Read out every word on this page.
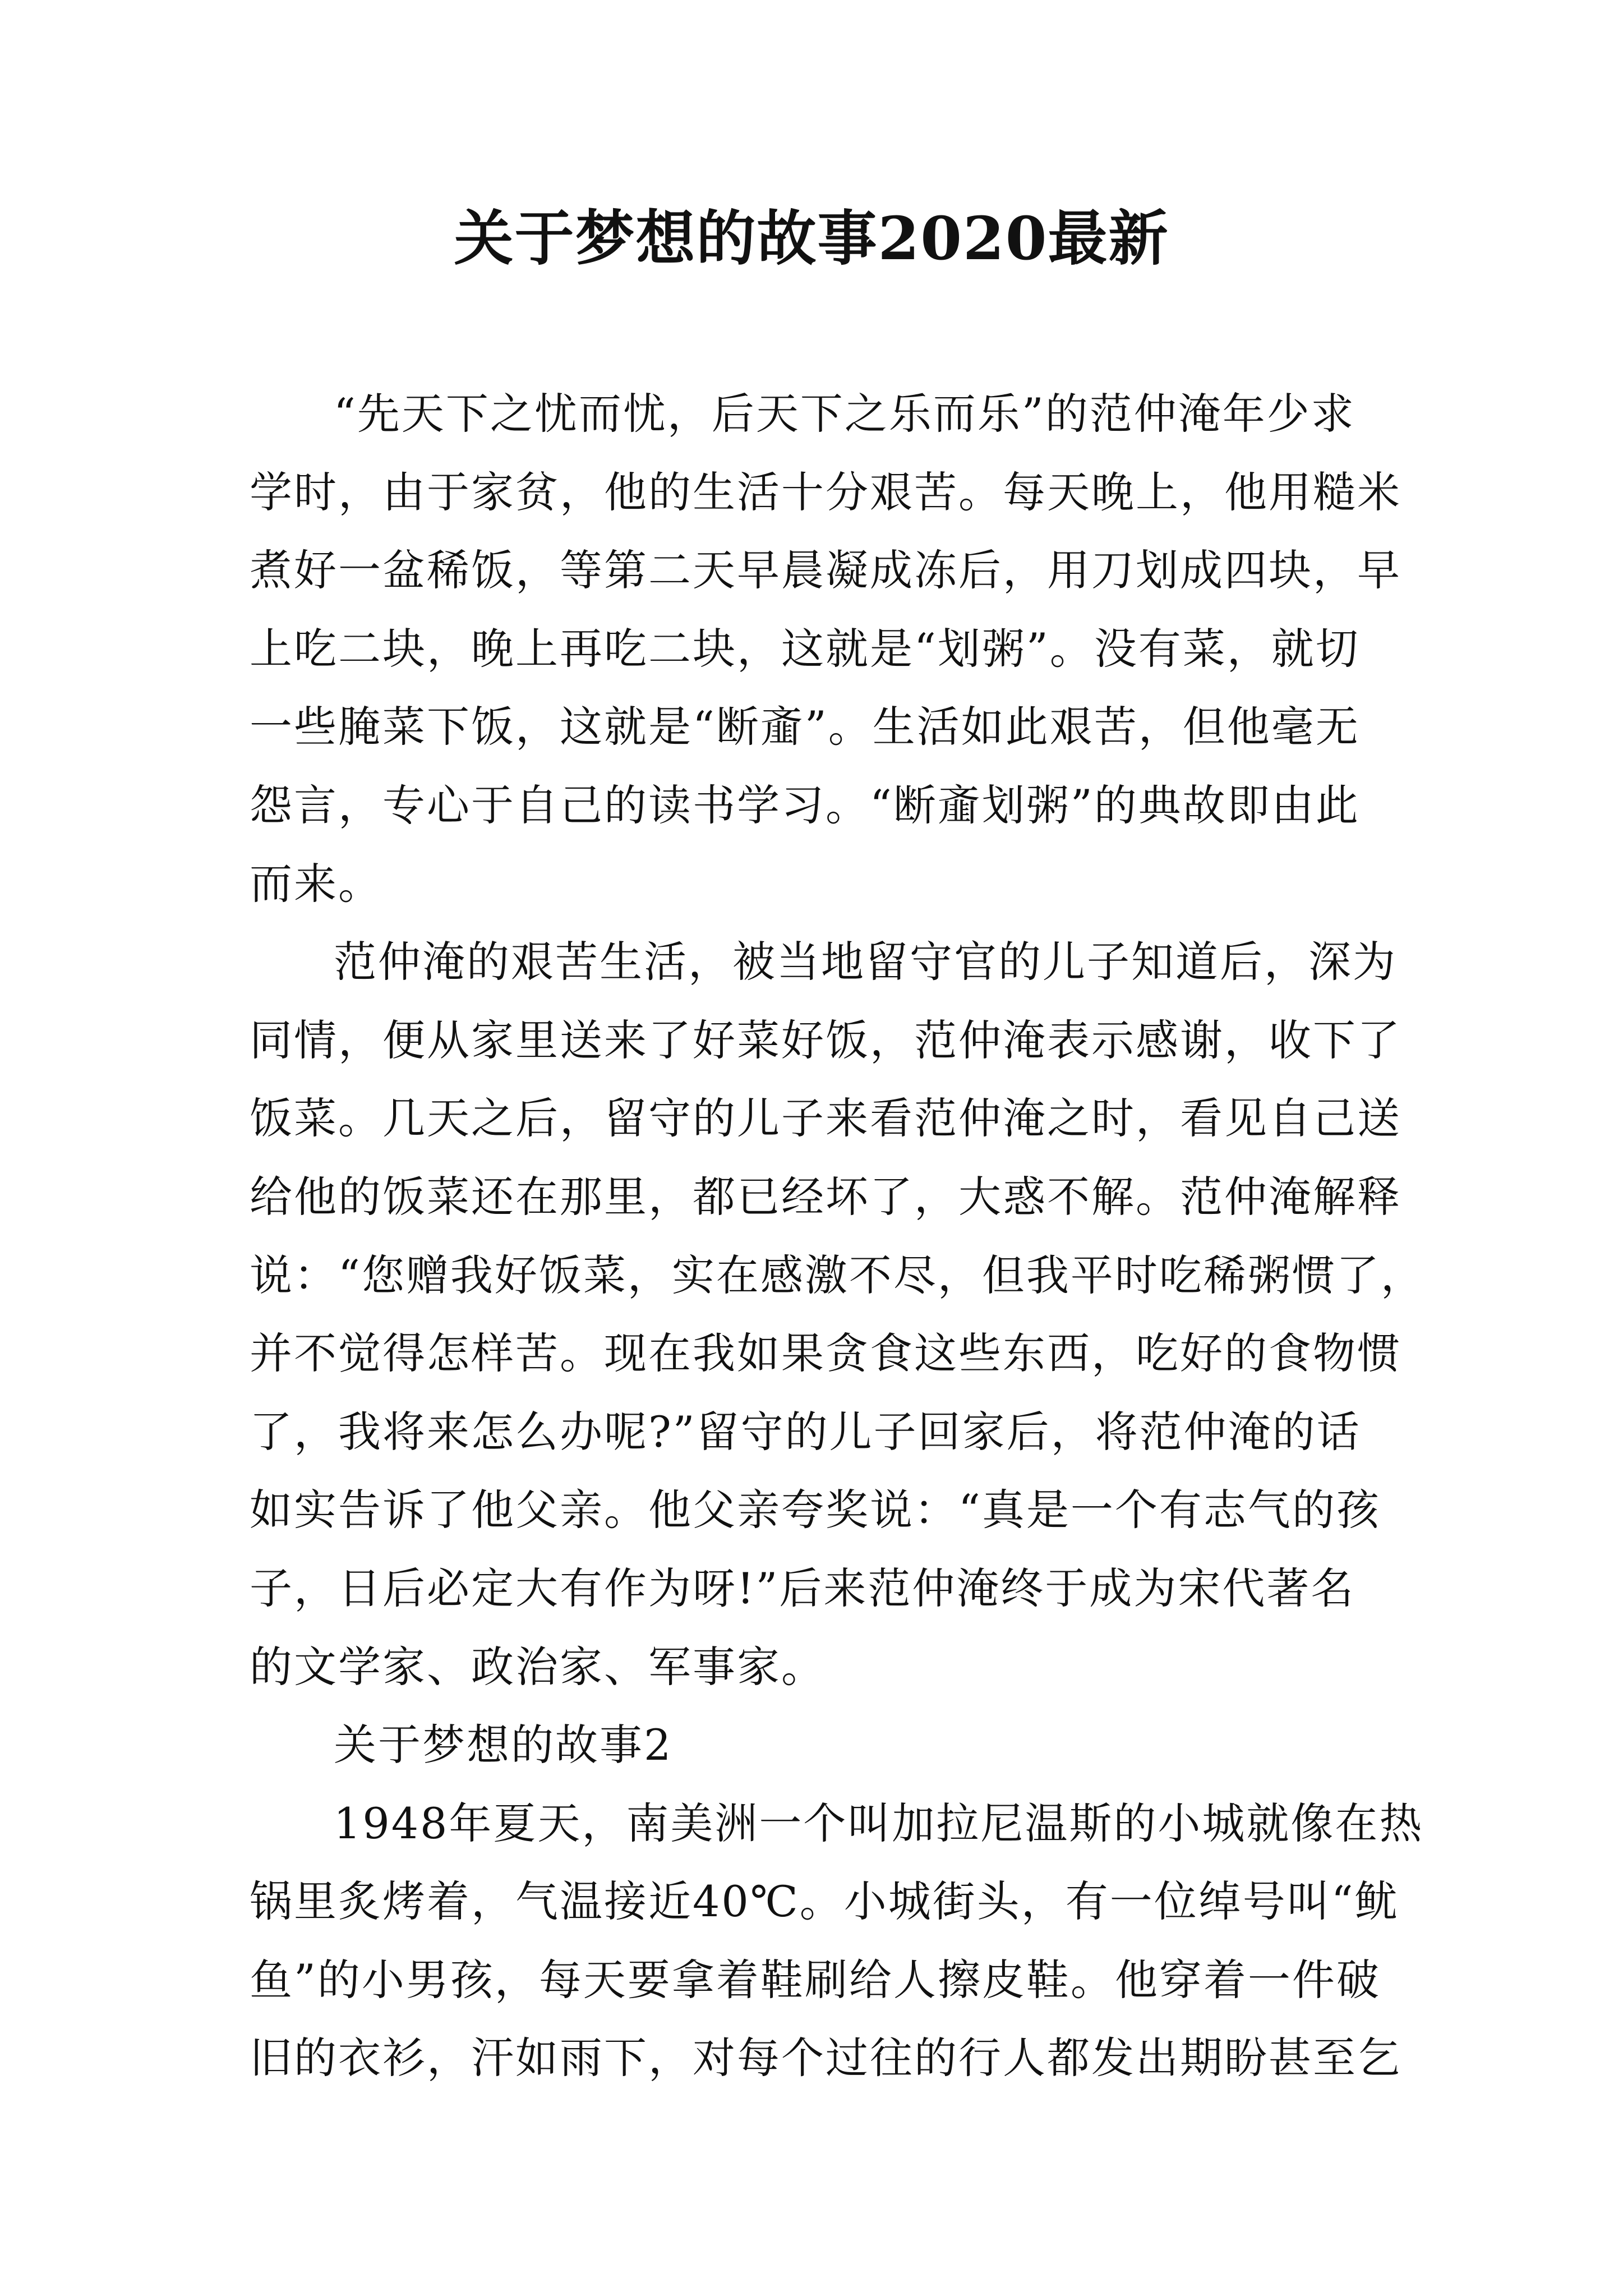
关于梦想的故事2020最新
“先天下之忧而忧，后天下之乐而乐”的范仲淹年少求
学时，由于家贫，他的生活十分艰苦。每天晚上，他用糙米
煮好一盆稀饭，等第二天早晨凝成冻后，用刀划成四块，早
上吃二块，晚上再吃二块，这就是“划粥”。没有菜，就切
一些腌菜下饭，这就是“断齑”。生活如此艰苦，但他毫无
怨言，专心于自己的读书学习。“断齑划粥”的典故即由此
而来。
范仲淹的艰苦生活，被当地留守官的儿子知道后，深为
同情，便从家里送来了好菜好饭，范仲淹表示感谢，收下了
饭菜。几天之后，留守的儿子来看范仲淹之时，看见自己送
给他的饭菜还在那里，都已经坏了，大惑不解。范仲淹解释
说：“您赠我好饭菜，实在感激不尽，但我平时吃稀粥惯了，
并不觉得怎样苦。现在我如果贪食这些东西，吃好的食物惯
了，我将来怎么办呢?”留守的儿子回家后，将范仲淹的话
如实告诉了他父亲。他父亲夸奖说：“真是一个有志气的孩
子，日后必定大有作为呀!”后来范仲淹终于成为宋代著名
的文学家、政治家、军事家。
关于梦想的故事2
1948年夏天，南美洲一个叫加拉尼温斯的小城就像在热
锅里炙烤着，气温接近40℃。小城街头，有一位绰号叫“鱿
鱼”的小男孩，每天要拿着鞋刷给人擦皮鞋。他穿着一件破
旧的衣衫，汗如雨下，对每个过往的行人都发出期盼甚至乞
